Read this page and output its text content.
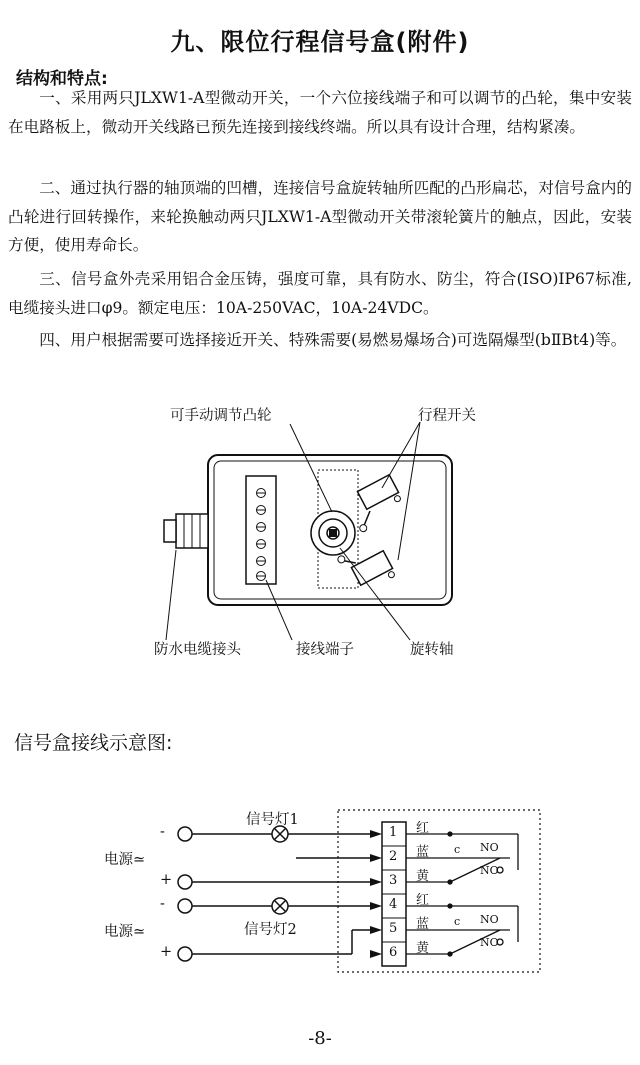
九、限位行程信号盒(附件)
结构和特点:

一、采用两只JLXW1-A型微动开关，一个六位接线端子和可以调节的凸轮，集中安装在电路板上，微动开关线路已预先连接到接线终端。所以具有设计合理，结构紧凑。

二、通过执行器的轴顶端的凹槽，连接信号盒旋转轴所匹配的凸形扁芯，对信号盒内的凸轮进行回转操作，来轮换触动两只JLXW1-A型微动开关带滚轮簧片的触点，因此，安装方便，使用寿命长。

三、信号盒外壳采用铝合金压铸，强度可靠，具有防水、防尘，符合(ISO)IP67标准,电缆接头进口φ9。额定电压：10A-250VAC，10A-24VDC。

四、用户根据需要可选择接近开关、特殊需要(易燃易爆场合)可选隔爆型(bⅡBt4)等。

可手动调节凸轮	行程开关
防水电缆接头	接线端子	旋转轴
信号盒接线示意图:
信号灯1
信号灯2
电源≃
电源≃
-
+
-
+
1
2
3
4
5
6
红
蓝
黄
红
蓝
黄
c
c
NO
NO
NO
NO
-8-
